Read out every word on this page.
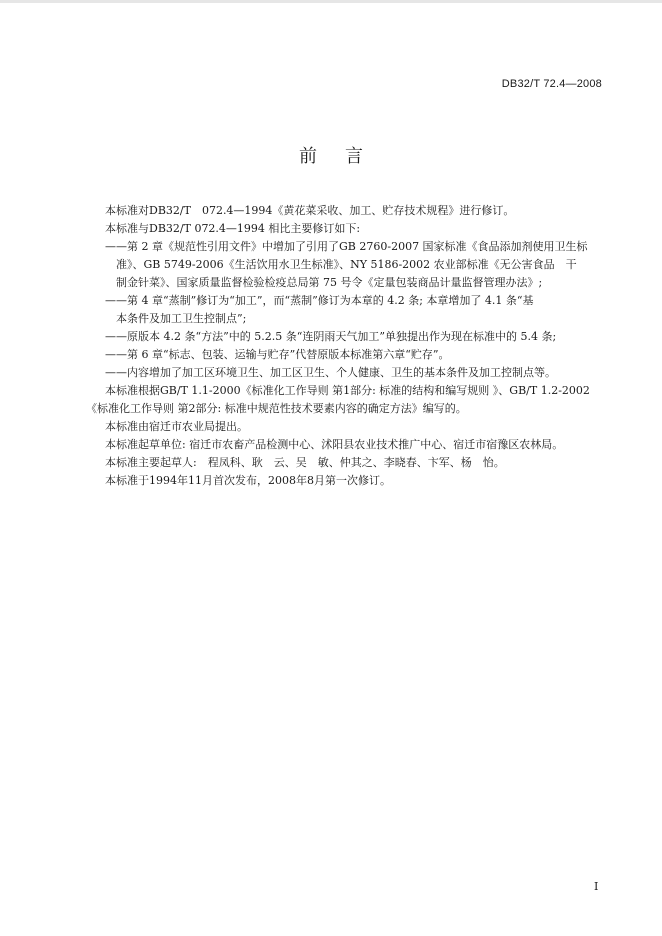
DB32/T 72.4—2008
前言

本标准对DB32/T　072.4—1994《黄花菜采收、加工、贮存技术规程》进行修订。

本标准与DB32/T 072.4—1994 相比主要修订如下:

——第 2 章《规范性引用文件》中增加了引用了GB 2760-2007 国家标准《食品添加剂使用卫生标

准》、GB 5749-2006《生活饮用水卫生标准》、NY 5186-2002 农业部标准《无公害食品　干

制金针菜》、国家质量监督检验检疫总局第 75 号令《定量包装商品计量监督管理办法》;

——第 4 章“蒸制”修订为“加工”，而“蒸制”修订为本章的 4.2 条; 本章增加了 4.1 条“基

本条件及加工卫生控制点”;

——原版本 4.2 条“方法”中的 5.2.5 条“连阴雨天气加工”单独提出作为现在标准中的 5.4 条;

——第 6 章“标志、包装、运输与贮存”代替原版本标准第六章“贮存”。

——内容增加了加工区环境卫生、加工区卫生、个人健康、卫生的基本条件及加工控制点等。

本标准根据GB/T 1.1-2000《标准化工作导则 第1部分: 标准的结构和编写规则 》、GB/T 1.2-2002

《标准化工作导则 第2部分: 标准中规范性技术要素内容的确定方法》编写的。

本标准由宿迁市农业局提出。

本标准起草单位: 宿迁市农畜产品检测中心、沭阳县农业技术推广中心、宿迁市宿豫区农林局。

本标准主要起草人:　程凤科、耿　云、吴　敏、仲其之、李晓春、卞军、杨　怡。

本标准于1994年11月首次发布，2008年8月第一次修订。

I
